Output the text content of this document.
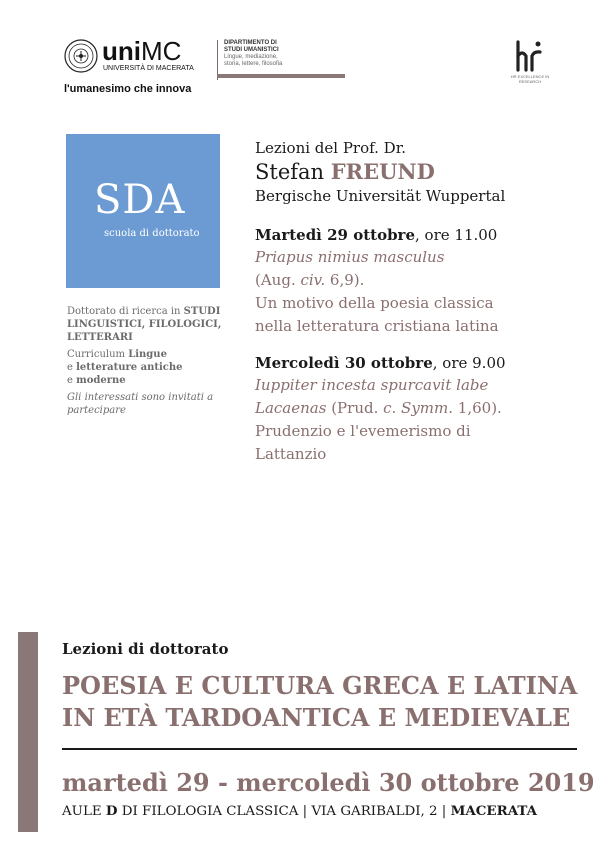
uniMC
UNIVERSITÀ DI MACERATA
l'umanesimo che innova
DIPARTIMENTO DI
STUDI UMANISTICI
Lingue, mediazione,
storia, lettere, filosofia
HR EXCELLENCE IN RESEARCH
SDA
scuola di dottorato

Dottorato di ricerca in STUDI LINGUISTICI, FILOLOGICI, LETTERARI

Curriculum Lingue
e letterature antiche
e moderne

Gli interessati sono invitati a partecipare

Lezioni del Prof. Dr.
Stefan FREUND
Bergische Universität Wuppertal
Martedì 29 ottobre, ore 11.00
Priapus nimius masculus
(Aug. civ. 6,9).
Un motivo della poesia classica
nella letteratura cristiana latina
Mercoledì 30 ottobre, ore 9.00
Iuppiter incesta spurcavit labe
Lacaenas (Prud. c. Symm. 1,60).
Prudenzio e l'evemerismo di
Lattanzio
Lezioni di dottorato
POESIA E CULTURA GRECA E LATINA
IN ETÀ TARDOANTICA E MEDIEVALE
martedì 29 - mercoledì 30 ottobre 2019
AULE D DI FILOLOGIA CLASSICA | VIA GARIBALDI, 2 | MACERATA
